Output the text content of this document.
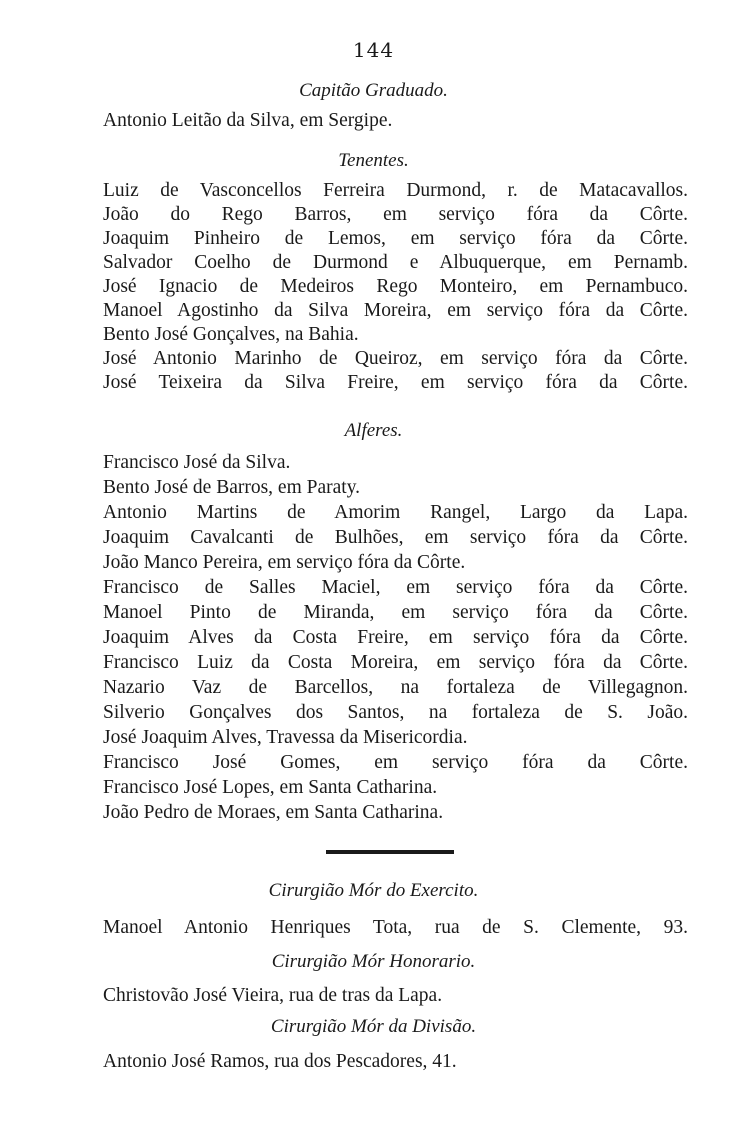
144
Capitão Graduado.
Antonio Leitão da Silva, em Sergipe.
Tenentes.
Luiz de Vasconcellos Ferreira Durmond, r. de Matacavallos.
João do Rego Barros, em serviço fóra da Côrte.
Joaquim Pinheiro de Lemos, em serviço fóra da Côrte.
Salvador Coelho de Durmond e Albuquerque, em Pernamb.
José Ignacio de Medeiros Rego Monteiro, em Pernambuco.
Manoel Agostinho da Silva Moreira, em serviço fóra da Côrte.
Bento José Gonçalves, na Bahia.
José Antonio Marinho de Queiroz, em serviço fóra da Côrte.
José Teixeira da Silva Freire, em serviço fóra da Côrte.
Alferes.
Francisco José da Silva.
Bento José de Barros, em Paraty.
Antonio Martins de Amorim Rangel, Largo da Lapa.
Joaquim Cavalcanti de Bulhões, em serviço fóra da Côrte.
João Manco Pereira, em serviço fóra da Côrte.
Francisco de Salles Maciel, em serviço fóra da Côrte.
Manoel Pinto de Miranda, em serviço fóra da Côrte.
Joaquim Alves da Costa Freire, em serviço fóra da Côrte.
Francisco Luiz da Costa Moreira, em serviço fóra da Côrte.
Nazario Vaz de Barcellos, na fortaleza de Villegagnon.
Silverio Gonçalves dos Santos, na fortaleza de S. João.
José Joaquim Alves, Travessa da Misericordia.
Francisco José Gomes, em serviço fóra da Côrte.
Francisco José Lopes, em Santa Catharina.
João Pedro de Moraes, em Santa Catharina.
Cirurgião Mór do Exercito.
Manoel Antonio Henriques Tota, rua de S. Clemente, 93.
Cirurgião Mór Honorario.
Christovão José Vieira, rua de tras da Lapa.
Cirurgião Mór da Divisão.
Antonio José Ramos, rua dos Pescadores, 41.
